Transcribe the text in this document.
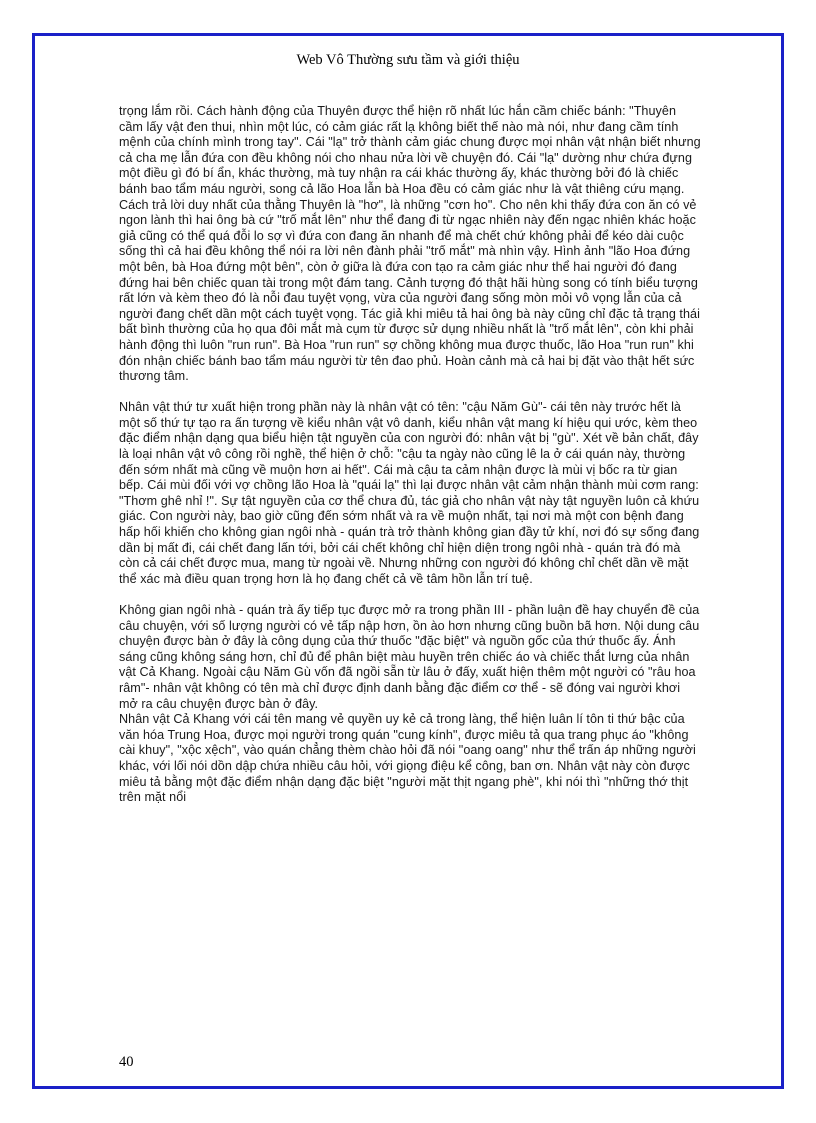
Web Vô Thường sưu tầm và giới thiệu

trọng lắm rồi. Cách hành động của Thuyên được thể hiện rõ nhất lúc hắn cầm chiếc bánh: "Thuyên cầm lấy vật đen thui, nhìn một lúc, có cảm giác rất lạ không biết thế nào mà nói, như đang cầm tính mệnh của chính mình trong tay". Cái "lạ" trở thành cảm giác chung được mọi nhân vật nhận biết nhưng cả cha mẹ lẫn đứa con đều không nói cho nhau nửa lời về chuyện đó. Cái "lạ" dường như chứa đựng một điều gì đó bí ẩn, khác thường, mà tuy nhận ra cái khác thường ấy, khác thường bởi đó là chiếc bánh bao tẩm máu người, song cả lão Hoa lẫn bà Hoa đều có cảm giác như là vật thiêng cứu mạng. Cách trả lời duy nhất của thằng Thuyên là "hơ", là những "cơn ho". Cho nên khi thấy đứa con ăn có vẻ ngon lành thì hai ông bà cứ "trố mắt lên" như thể đang đi từ ngạc nhiên này đến ngạc nhiên khác hoặc giả cũng có thể quá đỗi lo sợ vì đứa con đang ăn nhanh để mà chết chứ không phải để kéo dài cuộc sống thì cả hai đều không thể nói ra lời nên đành phải "trố mắt" mà nhìn vậy. Hình ảnh "lão Hoa đứng một bên, bà Hoa đứng một bên", còn ở giữa là đứa con tạo ra cảm giác như thể hai người đó đang đứng hai bên chiếc quan tài trong một đám tang. Cảnh tượng đó thật hãi hùng song có tính biểu tượng rất lớn và kèm theo đó là nỗi đau tuyệt vọng, vừa của người đang sống mòn mỏi vô vọng lẫn của cả người đang chết dần một cách tuyệt vọng. Tác giả khi miêu tả hai ông bà này cũng chỉ đặc tả trạng thái bất bình thường của họ qua đôi mắt mà cụm từ được sử dụng nhiều nhất là "trố mắt lên", còn khi phải hành động thì luôn "run run". Bà Hoa "run run" sợ chồng không mua được thuốc, lão Hoa "run run" khi đón nhận chiếc bánh bao tẩm máu người từ tên đao phủ. Hoàn cảnh mà cả hai bị đặt vào thật hết sức thương tâm.

Nhân vật thứ tư xuất hiện trong phần này là nhân vật có tên: "cậu Năm Gù"- cái tên này trước hết là một số thứ tự tạo ra ấn tượng về kiểu nhân vật vô danh, kiểu nhân vật mang kí hiệu qui ước, kèm theo đặc điểm nhận dạng qua biểu hiện tật nguyền của con người đó: nhân vật bị "gù". Xét về bản chất, đây là loại nhân vật vô công rồi nghề, thể hiện ở chỗ: "cậu ta ngày nào cũng lê la ở cái quán này, thường đến sớm nhất mà cũng về muộn hơn ai hết". Cái mà cậu ta cảm nhận được là mùi vị bốc ra từ gian bếp. Cái mùi đối với vợ chồng lão Hoa là "quái lạ" thì lại được nhân vật cảm nhận thành mùi cơm rang: "Thơm ghê nhỉ !". Sự tật nguyền của cơ thể chưa đủ, tác giả cho nhân vật này tật nguyền luôn cả khứu giác. Con người này, bao giờ cũng đến sớm nhất và ra về muộn nhất, tại nơi mà một con bệnh đang hấp hối khiến cho không gian ngôi nhà - quán trà trở thành không gian đầy tử khí, nơi đó sự sống đang dần bị mất đi, cái chết đang lấn tới, bởi cái chết không chỉ hiện diện trong ngôi nhà - quán trà đó mà còn cả cái chết được mua, mang từ ngoài về. Nhưng những con người đó không chỉ chết dần về mặt thể xác mà điều quan trọng hơn là họ đang chết cả về tâm hồn lẫn trí tuệ.

Không gian ngôi nhà - quán trà ấy tiếp tục được mở ra trong phần III - phần luận đề hay chuyển đề của câu chuyện, với số lượng người có vẻ tấp nập hơn, ồn ào hơn nhưng cũng buồn bã hơn. Nội dung câu chuyện được bàn ở đây là công dụng của thứ thuốc "đặc biệt" và nguồn gốc của thứ thuốc ấy. Ánh sáng cũng không sáng hơn, chỉ đủ để phân biệt màu huyền trên chiếc áo và chiếc thắt lưng của nhân vật Cả Khang. Ngoài cậu Năm Gù vốn đã ngồi sẵn từ lâu ở đấy, xuất hiện thêm một người có "râu hoa râm"- nhân vật không có tên mà chỉ được định danh bằng đặc điểm cơ thể - sẽ đóng vai người khơi mở ra câu chuyện được bàn ở đây.

Nhân vật Cả Khang với cái tên mang vẻ quyền uy kẻ cả trong làng, thể hiện luân lí tôn ti thứ bậc của văn hóa Trung Hoa, được mọi người trong quán "cung kính", được miêu tả qua trang phục áo "không cài khuy", "xộc xệch", vào quán chẳng thèm chào hỏi đã nói "oang oang" như thể trấn áp những người khác, với lối nói dồn dập chứa nhiều câu hỏi, với giọng điệu kể công, ban ơn. Nhân vật này còn được miêu tả bằng một đặc điểm nhận dạng đặc biệt "người mặt thịt ngang phè", khi nói thì "những thớ thịt trên mặt nổi

40
